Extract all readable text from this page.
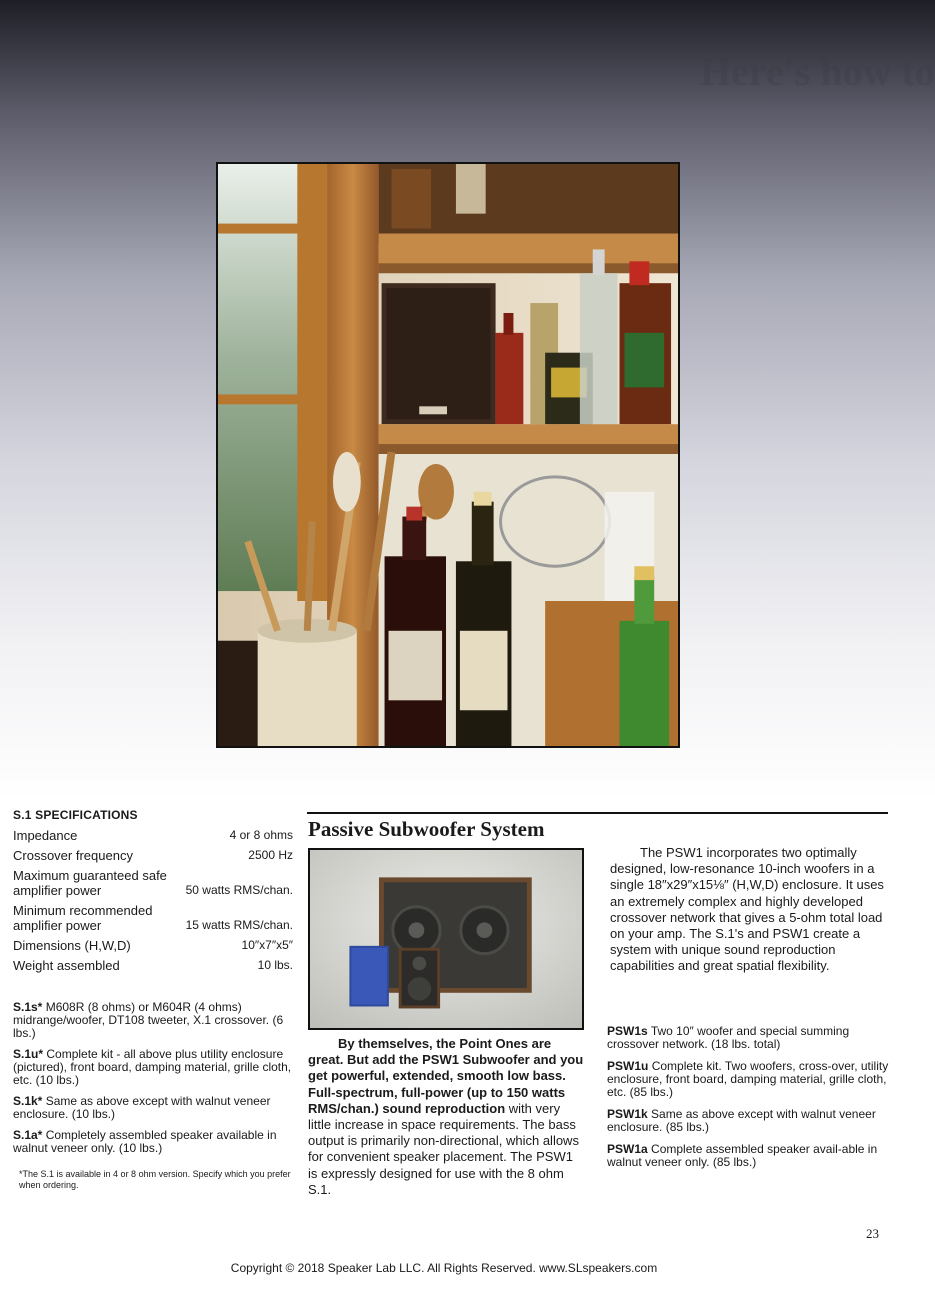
Here's how to
S.1 SPECIFICATIONS
Impedance	4 or 8 ohms
Crossover frequency	2500 Hz
Maximum guaranteed safe amplifier power	50 watts RMS/chan.
Minimum recommended amplifier power	15 watts RMS/chan.
Dimensions (H,W,D)	10″x7″x5″
Weight assembled	10 lbs.
S.1s* M608R (8 ohms) or M604R (4 ohms) midrange/woofer, DT108 tweeter, X.1 crossover. (6 lbs.)
S.1u* Complete kit - all above plus utility enclosure (pictured), front board, damping material, grille cloth, etc. (10 lbs.)
S.1k* Same as above except with walnut veneer enclosure. (10 lbs.)
S.1a* Completely assembled speaker available in walnut veneer only. (10 lbs.)
*The S.1 is available in 4 or 8 ohm version. Specify which you prefer when ordering.
Passive Subwoofer System
By themselves, the Point Ones are great. But add the PSW1 Subwoofer and you get powerful, extended, smooth low bass. Full-spectrum, full-power (up to 150 watts RMS/chan.) sound reproduction with very little increase in space requirements. The bass output is primarily non-directional, which allows for convenient speaker placement. The PSW1 is expressly designed for use with the 8 ohm S.1.
The PSW1 incorporates two optimally designed, low-resonance 10-inch woofers in a single 18″x29″x15⅛″ (H,W,D) enclosure. It uses an extremely complex and highly developed crossover network that gives a 5-ohm total load on your amp. The S.1's and PSW1 create a system with unique sound reproduction capabilities and great spatial flexibility.
PSW1s Two 10″ woofer and special summing crossover network. (18 lbs. total)
PSW1u Complete kit. Two woofers, cross-over, utility enclosure, front board, damping material, grille cloth, etc. (85 lbs.)
PSW1k Same as above except with walnut veneer enclosure. (85 lbs.)
PSW1a Complete assembled speaker avail-able in walnut veneer only. (85 lbs.)
23
Copyright © 2018 Speaker Lab LLC. All Rights Reserved. www.SLspeakers.com
